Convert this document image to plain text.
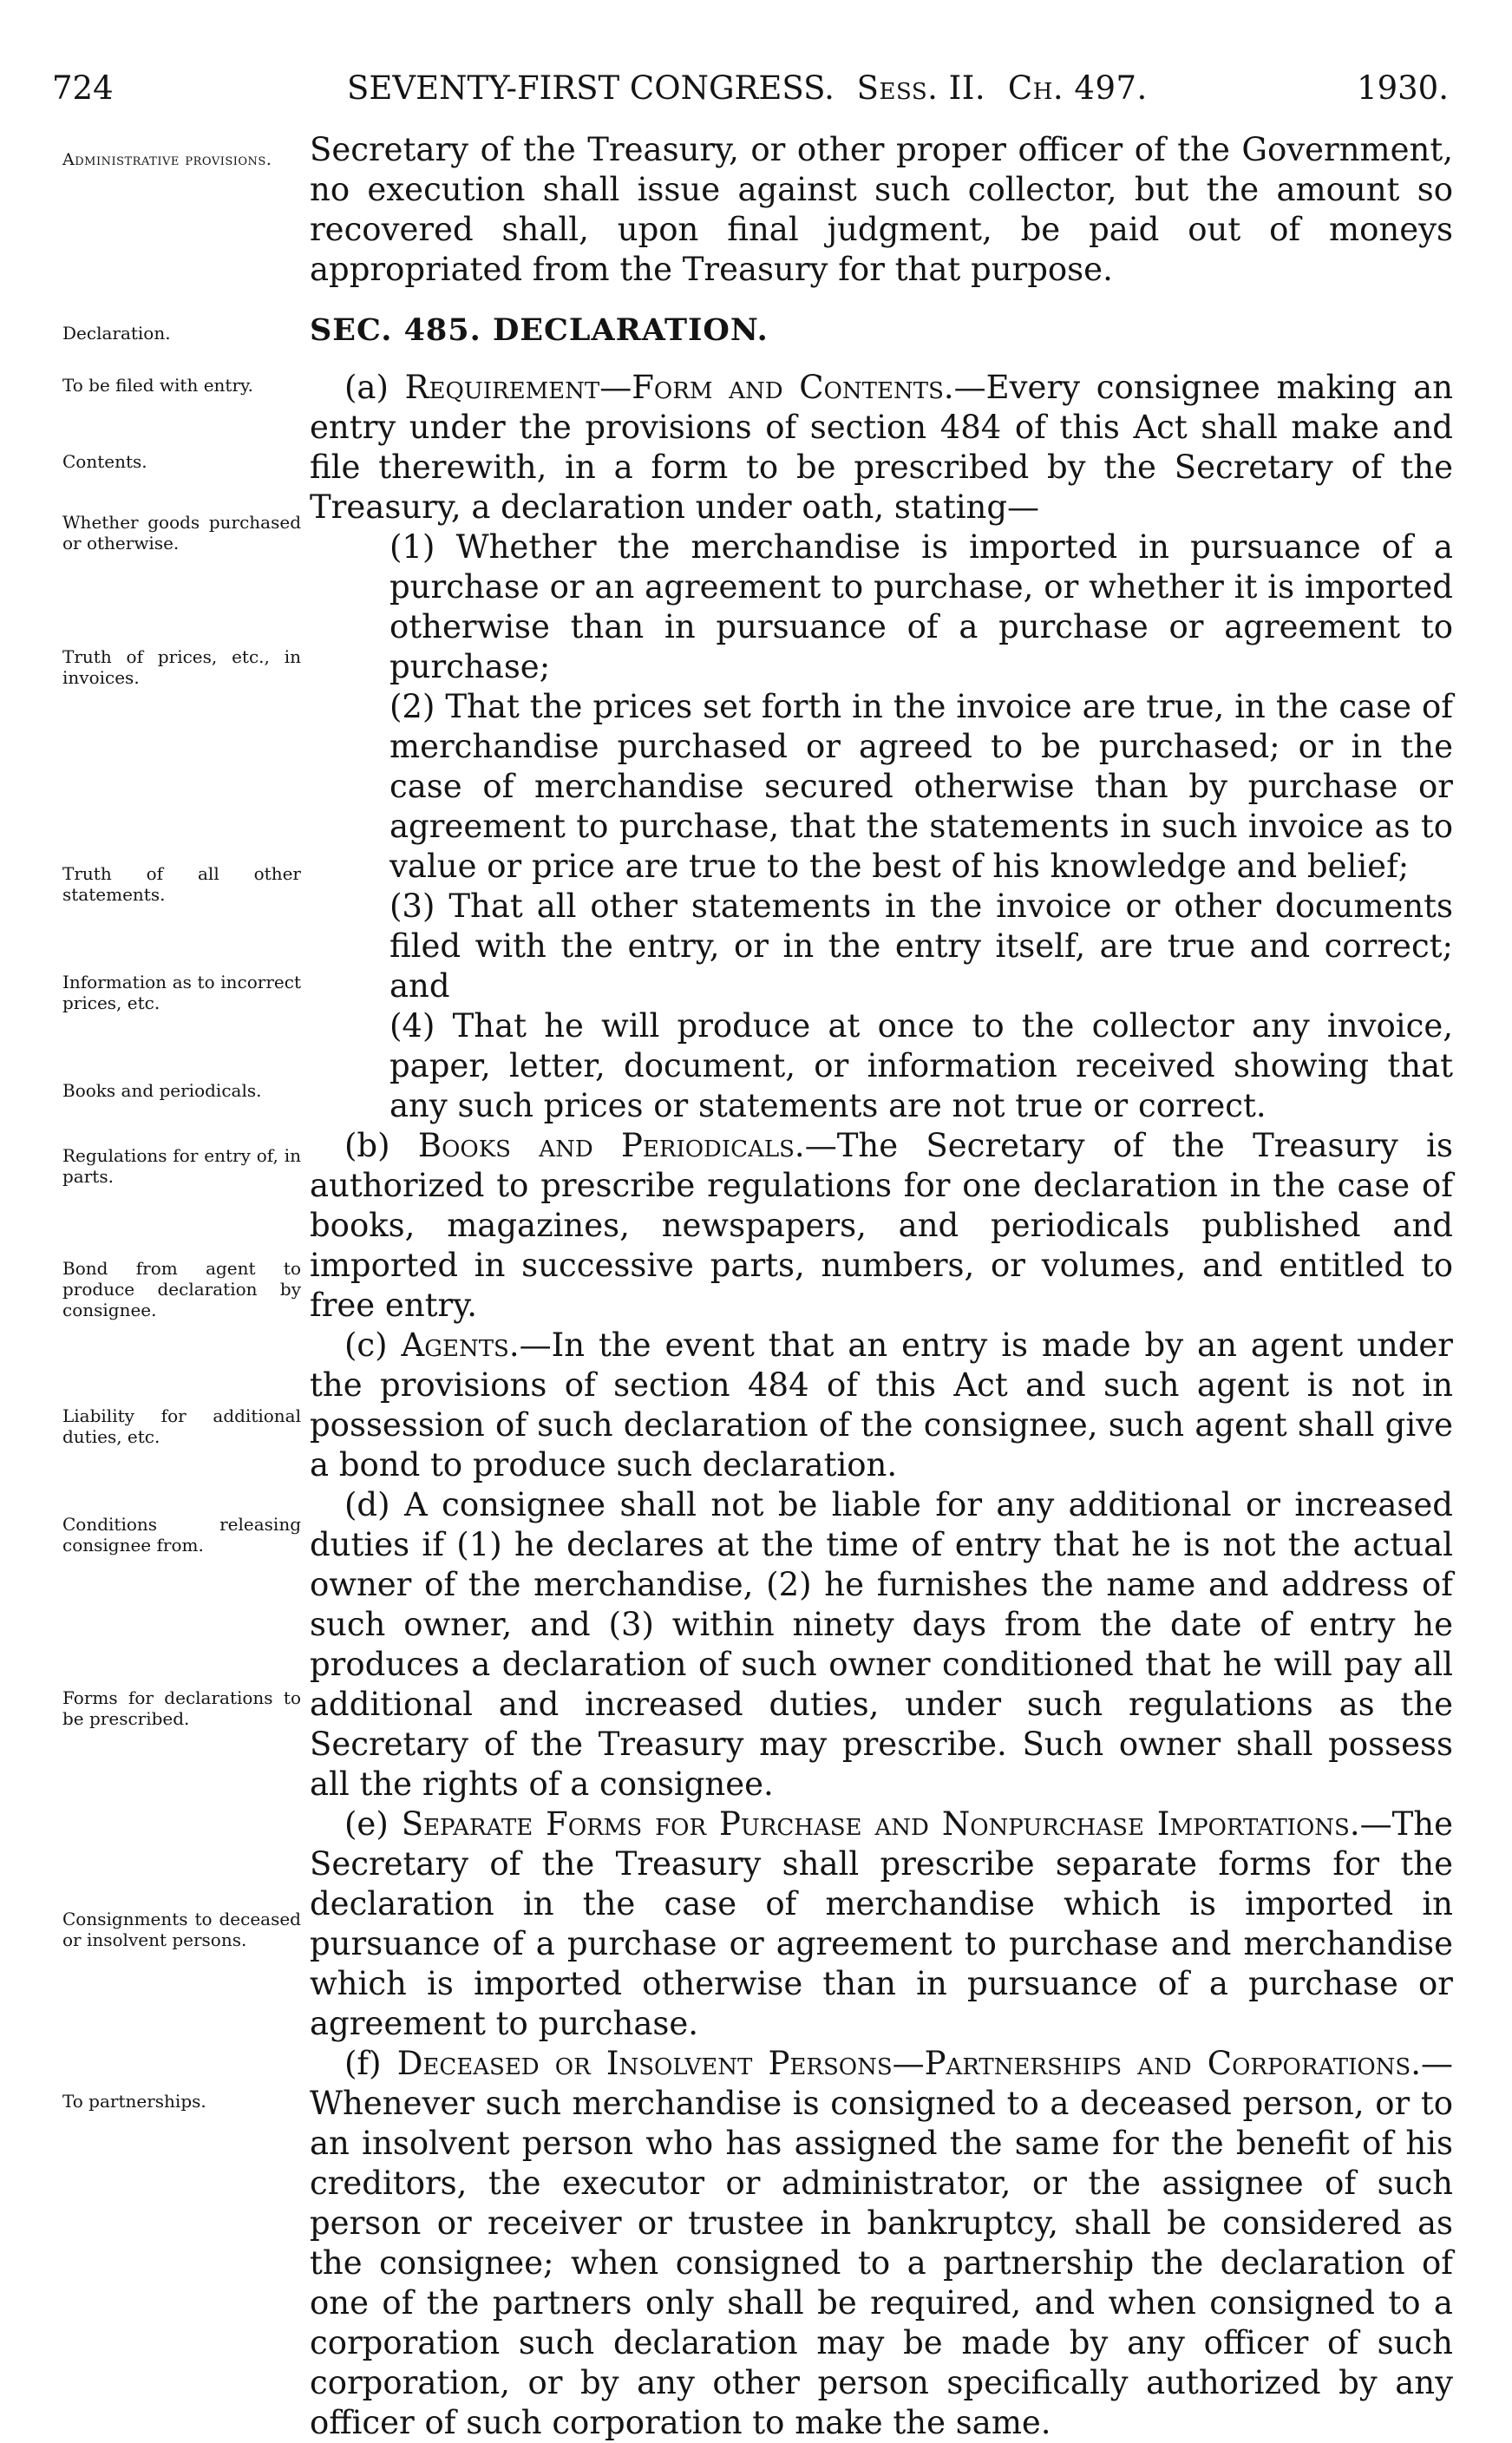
724	SEVENTY-FIRST CONGRESS. Sess. II. Ch. 497.	1930.
Administrative provisions.
Declaration.
To be filed with entry.
Contents.
Whether goods purchased or otherwise.
Truth of prices, etc., in invoices.
Truth of all other statements.
Information as to incorrect prices, etc.
Books and periodicals.
Regulations for entry of, in parts.
Bond from agent to produce declaration by consignee.
Liability for additional duties, etc.
Conditions releasing consignee from.
Forms for declarations to be prescribed.
Consignments to deceased or insolvent persons.
To partnerships.

Secretary of the Treasury, or other proper officer of the Government, no execution shall issue against such collector, but the amount so recovered shall, upon final judgment, be paid out of moneys appropriated from the Treasury for that purpose.

SEC. 485. DECLARATION.

(a) Requirement—Form and Contents.—Every consignee making an entry under the provisions of section 484 of this Act shall make and file therewith, in a form to be prescribed by the Secretary of the Treasury, a declaration under oath, stating—

(1) Whether the merchandise is imported in pursuance of a purchase or an agreement to purchase, or whether it is imported otherwise than in pursuance of a purchase or agreement to purchase;

(2) That the prices set forth in the invoice are true, in the case of merchandise purchased or agreed to be purchased; or in the case of merchandise secured otherwise than by purchase or agreement to purchase, that the statements in such invoice as to value or price are true to the best of his knowledge and belief;

(3) That all other statements in the invoice or other documents filed with the entry, or in the entry itself, are true and correct; and

(4) That he will produce at once to the collector any invoice, paper, letter, document, or information received showing that any such prices or statements are not true or correct.

(b) Books and Periodicals.—The Secretary of the Treasury is authorized to prescribe regulations for one declaration in the case of books, magazines, newspapers, and periodicals published and imported in successive parts, numbers, or volumes, and entitled to free entry.

(c) Agents.—In the event that an entry is made by an agent under the provisions of section 484 of this Act and such agent is not in possession of such declaration of the consignee, such agent shall give a bond to produce such declaration.

(d) A consignee shall not be liable for any additional or increased duties if (1) he declares at the time of entry that he is not the actual owner of the merchandise, (2) he furnishes the name and address of such owner, and (3) within ninety days from the date of entry he produces a declaration of such owner conditioned that he will pay all additional and increased duties, under such regulations as the Secretary of the Treasury may prescribe. Such owner shall possess all the rights of a consignee.

(e) Separate Forms for Purchase and Nonpurchase Importations.—The Secretary of the Treasury shall prescribe separate forms for the declaration in the case of merchandise which is imported in pursuance of a purchase or agreement to purchase and merchandise which is imported otherwise than in pursuance of a purchase or agreement to purchase.

(f) Deceased or Insolvent Persons—Partnerships and Corporations.—Whenever such merchandise is consigned to a deceased person, or to an insolvent person who has assigned the same for the benefit of his creditors, the executor or administrator, or the assignee of such person or receiver or trustee in bankruptcy, shall be considered as the consignee; when consigned to a partnership the declaration of one of the partners only shall be required, and when consigned to a corporation such declaration may be made by any officer of such corporation, or by any other person specifically authorized by any officer of such corporation to make the same.
